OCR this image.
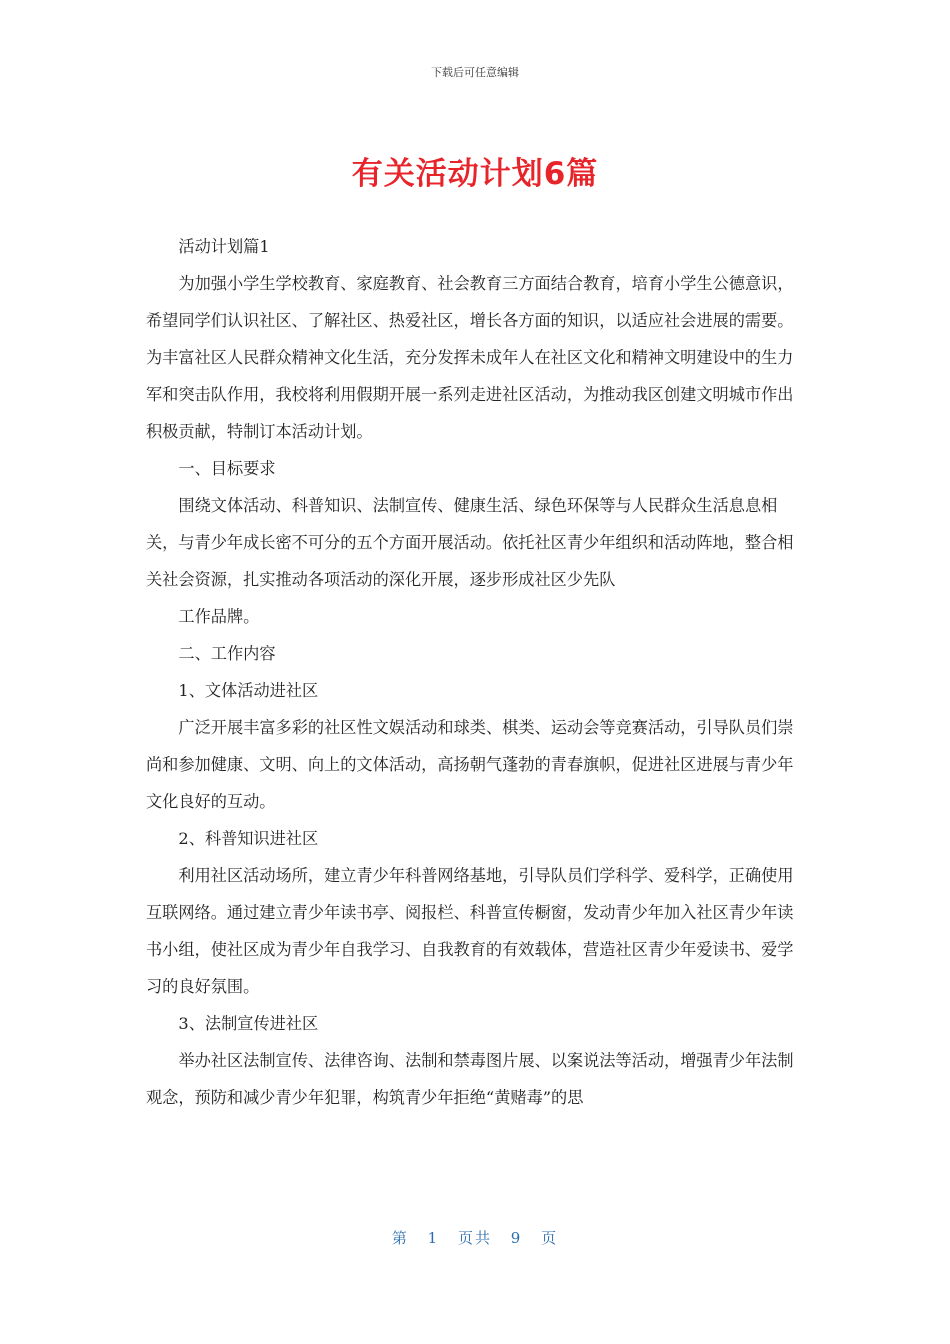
下载后可任意编辑
有关活动计划6篇

活动计划篇1

为加强小学生学校教育、家庭教育、社会教育三方面结合教育，培育小学生公德意识，希望同学们认识社区、了解社区、热爱社区，增长各方面的知识，以适应社会进展的需要。为丰富社区人民群众精神文化生活，充分发挥未成年人在社区文化和精神文明建设中的生力军和突击队作用，我校将利用假期开展一系列走进社区活动，为推动我区创建文明城市作出积极贡献，特制订本活动计划。

一、目标要求

围绕文体活动、科普知识、法制宣传、健康生活、绿色环保等与人民群众生活息息相关，与青少年成长密不可分的五个方面开展活动。依托社区青少年组织和活动阵地，整合相关社会资源，扎实推动各项活动的深化开展，逐步形成社区少先队

工作品牌。

二、工作内容

1、文体活动进社区

广泛开展丰富多彩的社区性文娱活动和球类、棋类、运动会等竞赛活动，引导队员们崇尚和参加健康、文明、向上的文体活动，高扬朝气蓬勃的青春旗帜，促进社区进展与青少年文化良好的互动。

2、科普知识进社区

利用社区活动场所，建立青少年科普网络基地，引导队员们学科学、爱科学，正确使用互联网络。通过建立青少年读书亭、阅报栏、科普宣传橱窗，发动青少年加入社区青少年读书小组，使社区成为青少年自我学习、自我教育的有效载体，营造社区青少年爱读书、爱学习的良好氛围。

3、法制宣传进社区

举办社区法制宣传、法律咨询、法制和禁毒图片展、以案说法等活动，增强青少年法制观念，预防和减少青少年犯罪，构筑青少年拒绝“黄赌毒”的思

第 1 页共 9 页
